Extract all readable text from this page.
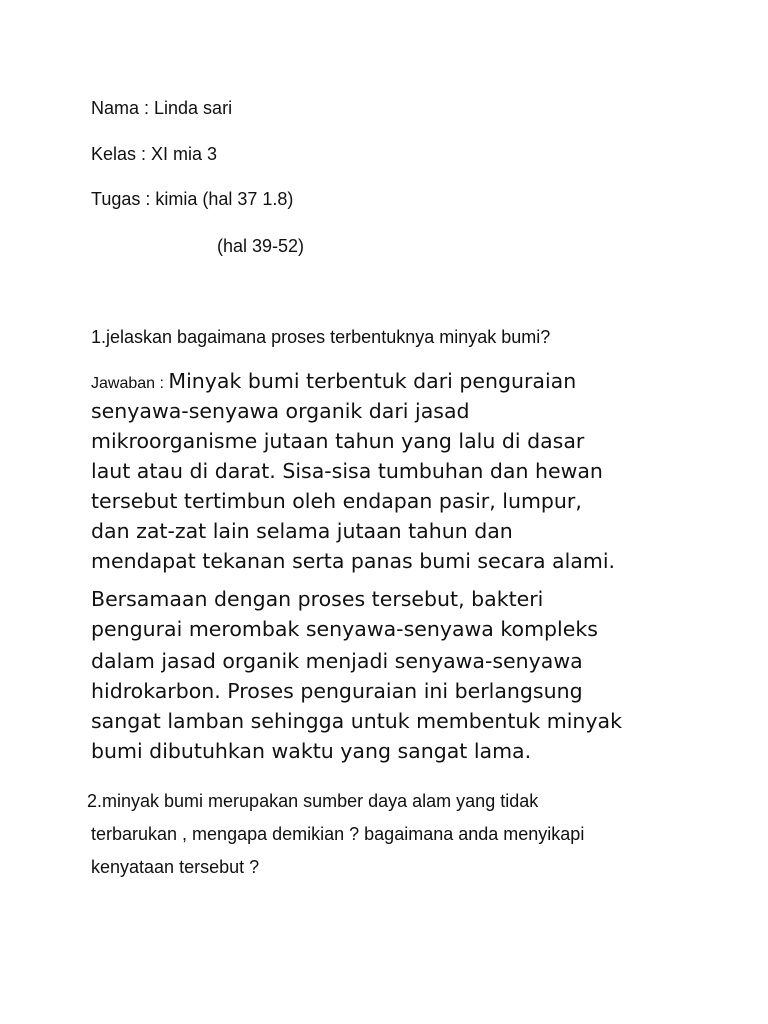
Nama : Linda sari
Kelas : XI mia 3
Tugas : kimia (hal 37 1.8)
(hal 39-52)
1.jelaskan bagaimana proses terbentuknya minyak bumi?
Jawaban : Minyak bumi terbentuk dari penguraian
senyawa-senyawa organik dari jasad
mikroorganisme jutaan tahun yang lalu di dasar
laut atau di darat. Sisa-sisa tumbuhan dan hewan
tersebut tertimbun oleh endapan pasir, lumpur,
dan zat-zat lain selama jutaan tahun dan
mendapat tekanan serta panas bumi secara alami.
Bersamaan dengan proses tersebut, bakteri
pengurai merombak senyawa-senyawa kompleks
dalam jasad organik menjadi senyawa-senyawa
hidrokarbon. Proses penguraian ini berlangsung
sangat lamban sehingga untuk membentuk minyak
bumi dibutuhkan waktu yang sangat lama.
2.minyak bumi merupakan sumber daya alam yang tidak
terbarukan , mengapa demikian ? bagaimana anda menyikapi
kenyataan tersebut ?
